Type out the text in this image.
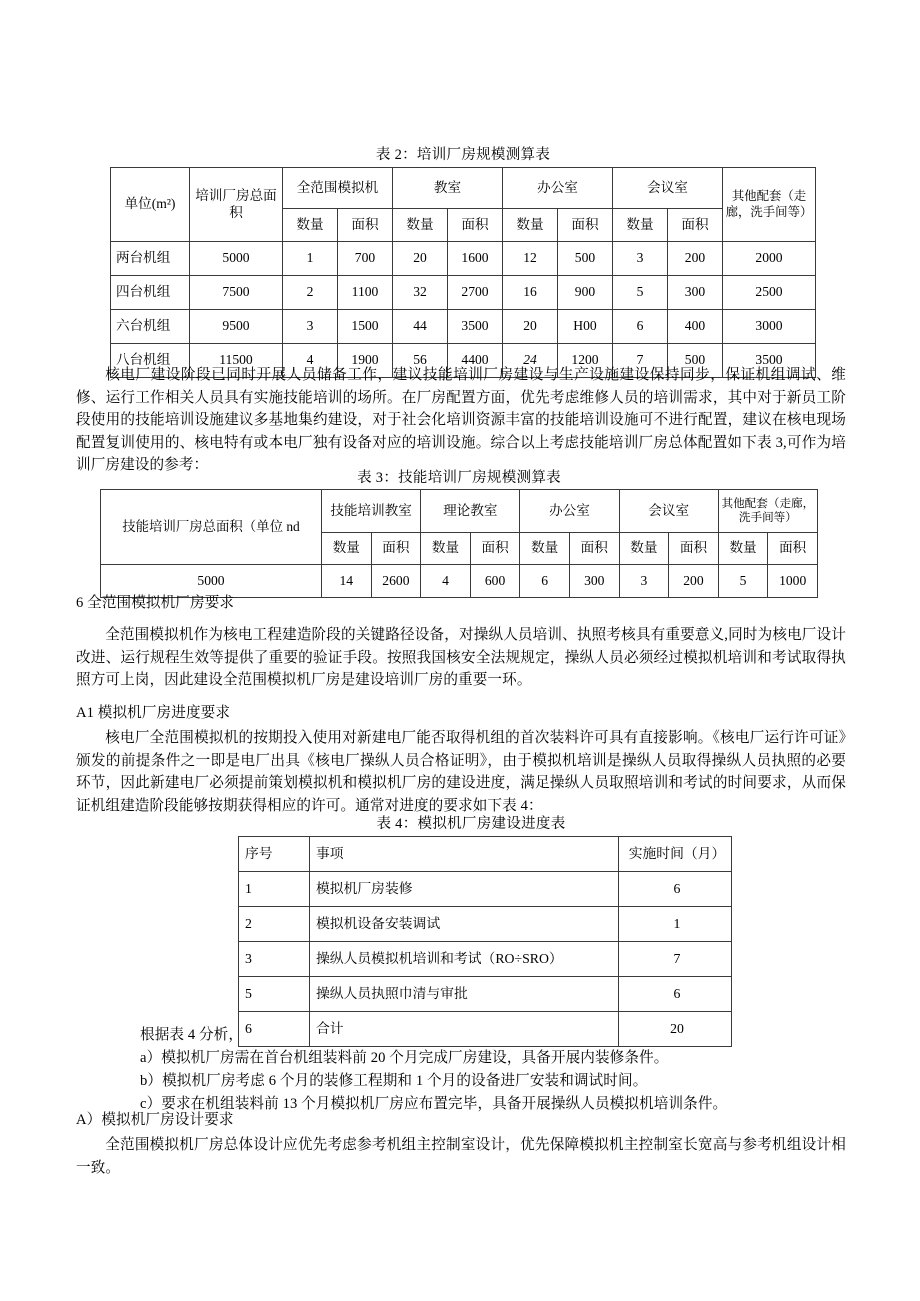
表 2：培训厂房规模测算表
单位(m²)	培训厂房总面积	全范围模拟机		教室		办公室		会议室		其他配套（走廊，洗手间等）
		数量	面积	数量	面积	数量	面积	数量	面积	
两台机组	5000	1	700	20	1600	12	500	3	200	2000
四台机组	7500	2	1100	32	2700	16	900	5	300	2500
六台机组	9500	3	1500	44	3500	20	H00	6	400	3000
八台机组	11500	4	1900	56	4400	24	1200	7	500	3500

核电厂建设阶段已同时开展人员储备工作，建议技能培训厂房建设与生产设施建设保持同步，保证机组调试、维修、运行工作相关人员具有实施技能培训的场所。在厂房配置方面，优先考虑维修人员的培训需求，其中对于新员工阶段使用的技能培训设施建议多基地集约建设，对于社会化培训资源丰富的技能培训设施可不进行配置，建议在核电现场配置复训使用的、核电特有或本电厂独有设备对应的培训设施。综合以上考虑技能培训厂房总体配置如下表 3,可作为培训厂房建设的参考：

表 3：技能培训厂房规模测算表
技能培训厂房总面积（单位 nd	技能培训教室		理论教室		办公室		会议室		其他配套（走廊，洗手间等）	
	数量	面积	数量	面积	数量	面积	数量	面积	数量	面积
5000	14	2600	4	600	6	300	3	200	5	1000
6 全范围模拟机厂房要求

全范围模拟机作为核电工程建造阶段的关键路径设备，对操纵人员培训、执照考核具有重要意义,同时为核电厂设计改进、运行规程生效等提供了重要的验证手段。按照我国核安全法规规定，操纵人员必须经过模拟机培训和考试取得执照方可上岗，因此建设全范围模拟机厂房是建设培训厂房的重要一环。

A1 模拟机厂房进度要求

核电厂全范围模拟机的按期投入使用对新建电厂能否取得机组的首次装料许可具有直接影响。《核电厂运行许可证》颁发的前提条件之一即是电厂出具《核电厂操纵人员合格证明》，由于模拟机培训是操纵人员取得操纵人员执照的必要环节，因此新建电厂必须提前策划模拟机和模拟机厂房的建设进度，满足操纵人员取照培训和考试的时间要求，从而保证机组建造阶段能够按期获得相应的许可。通常对进度的要求如下表 4：

表 4：模拟机厂房建设进度表
序号	事项	实施时间（月）
1	模拟机厂房装修	6
2	模拟机设备安装调试	1
3	操纵人员模拟机培训和考试（RO÷SRO）	7
5	操纵人员执照巾清与审批	6
6	合计	20
根据表 4 分析，
a）模拟机厂房需在首台机组装料前 20 个月完成厂房建设，具备开展内装修条件。
b）模拟机厂房考虑 6 个月的装修工程期和 1 个月的设备进厂安装和调试时间。
c）要求在机组装料前 13 个月模拟机厂房应布置完毕，具备开展操纵人员模拟机培训条件。
A）模拟机厂房设计要求

全范围模拟机厂房总体设计应优先考虑参考机组主控制室设计，优先保障模拟机主控制室长宽高与参考机组设计相一致。
